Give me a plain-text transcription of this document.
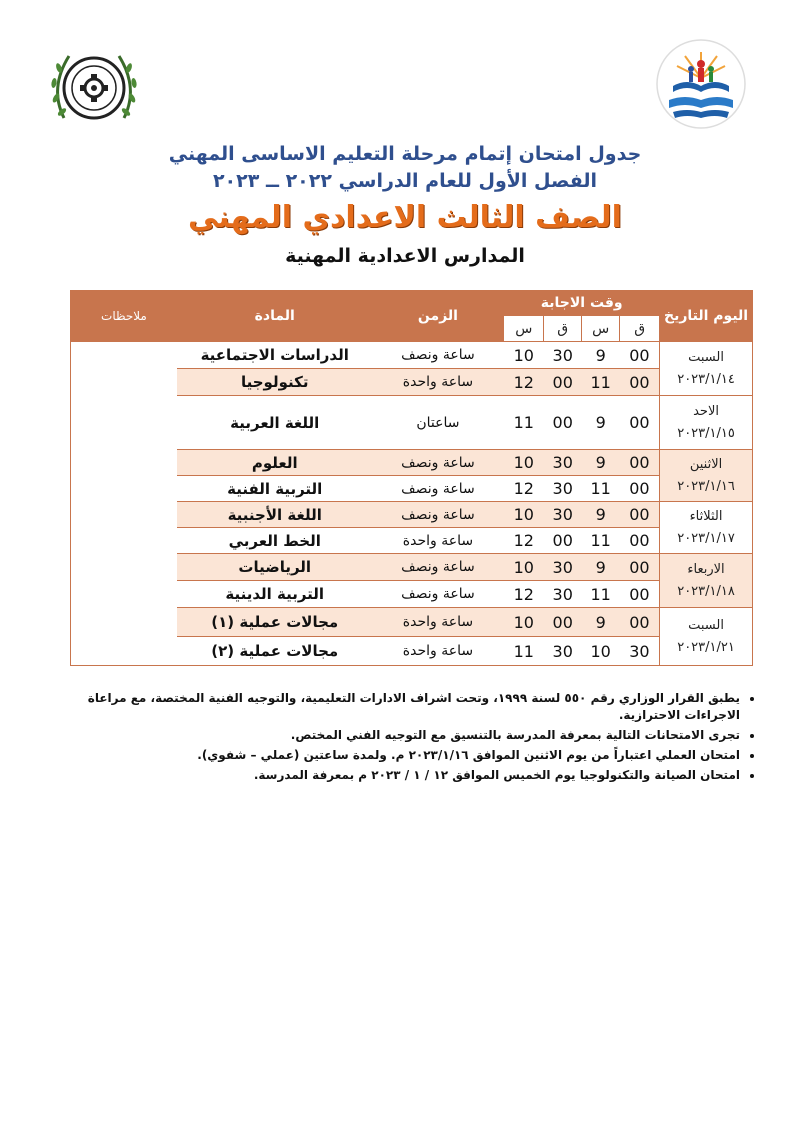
جدول امتحان إتمام مرحلة التعليم الاساسى المهني
الفصل الأول للعام الدراسي ٢٠٢٢ ــ ٢٠٢٣
الصف الثالث الاعدادي المهني
المدارس الاعدادية المهنية
اليوم التاريخ	وقت الاجابة				الزمن	المادة	ملاحظات
	ق	س	ق	س			

السبت
٢٠٢٣/١/١٤	00	9	30	10	ساعة ونصف	الدراسات الاجتماعية	
	00	11	00	12	ساعة واحدة	تكنولوجيا	

الاحد
٢٠٢٣/١/١٥	00	9	00	11	ساعتان	اللغة العربية	

الاثنين
٢٠٢٣/١/١٦	00	9	30	10	ساعة ونصف	العلوم	
	00	11	30	12	ساعة ونصف	التربية الفنية	

الثلاثاء
٢٠٢٣/١/١٧	00	9	30	10	ساعة ونصف	اللغة الأجنبية	
	00	11	00	12	ساعة واحدة	الخط العربي	

الاربعاء
٢٠٢٣/١/١٨	00	9	30	10	ساعة ونصف	الرياضيات	
	00	11	30	12	ساعة ونصف	التربية الدينية	

السبت
٢٠٢٣/١/٢١	00	9	00	10	ساعة واحدة	مجالات عملية (١)	
	30	10	30	11	ساعة واحدة	مجالات عملية (٢)	
• يطبق القرار الوزاري رقم ٥٥٠ لسنة ١٩٩٩، وتحت اشراف الادارات التعليمية، والتوجيه الفنية المختصة، مع مراعاة الاجراءات الاحترازية.
• تجرى الامتحانات التالية بمعرفة المدرسة بالتنسيق مع التوجيه الفني المختص.
• امتحان العملي اعتباراً من يوم الاثنين الموافق ٢٠٢٣/١/١٦ م. ولمدة ساعتين (عملي – شفوي).
• امتحان الصيانة والتكنولوجيا يوم الخميس الموافق ١٢ / ١ / ٢٠٢٣ م بمعرفة المدرسة.
